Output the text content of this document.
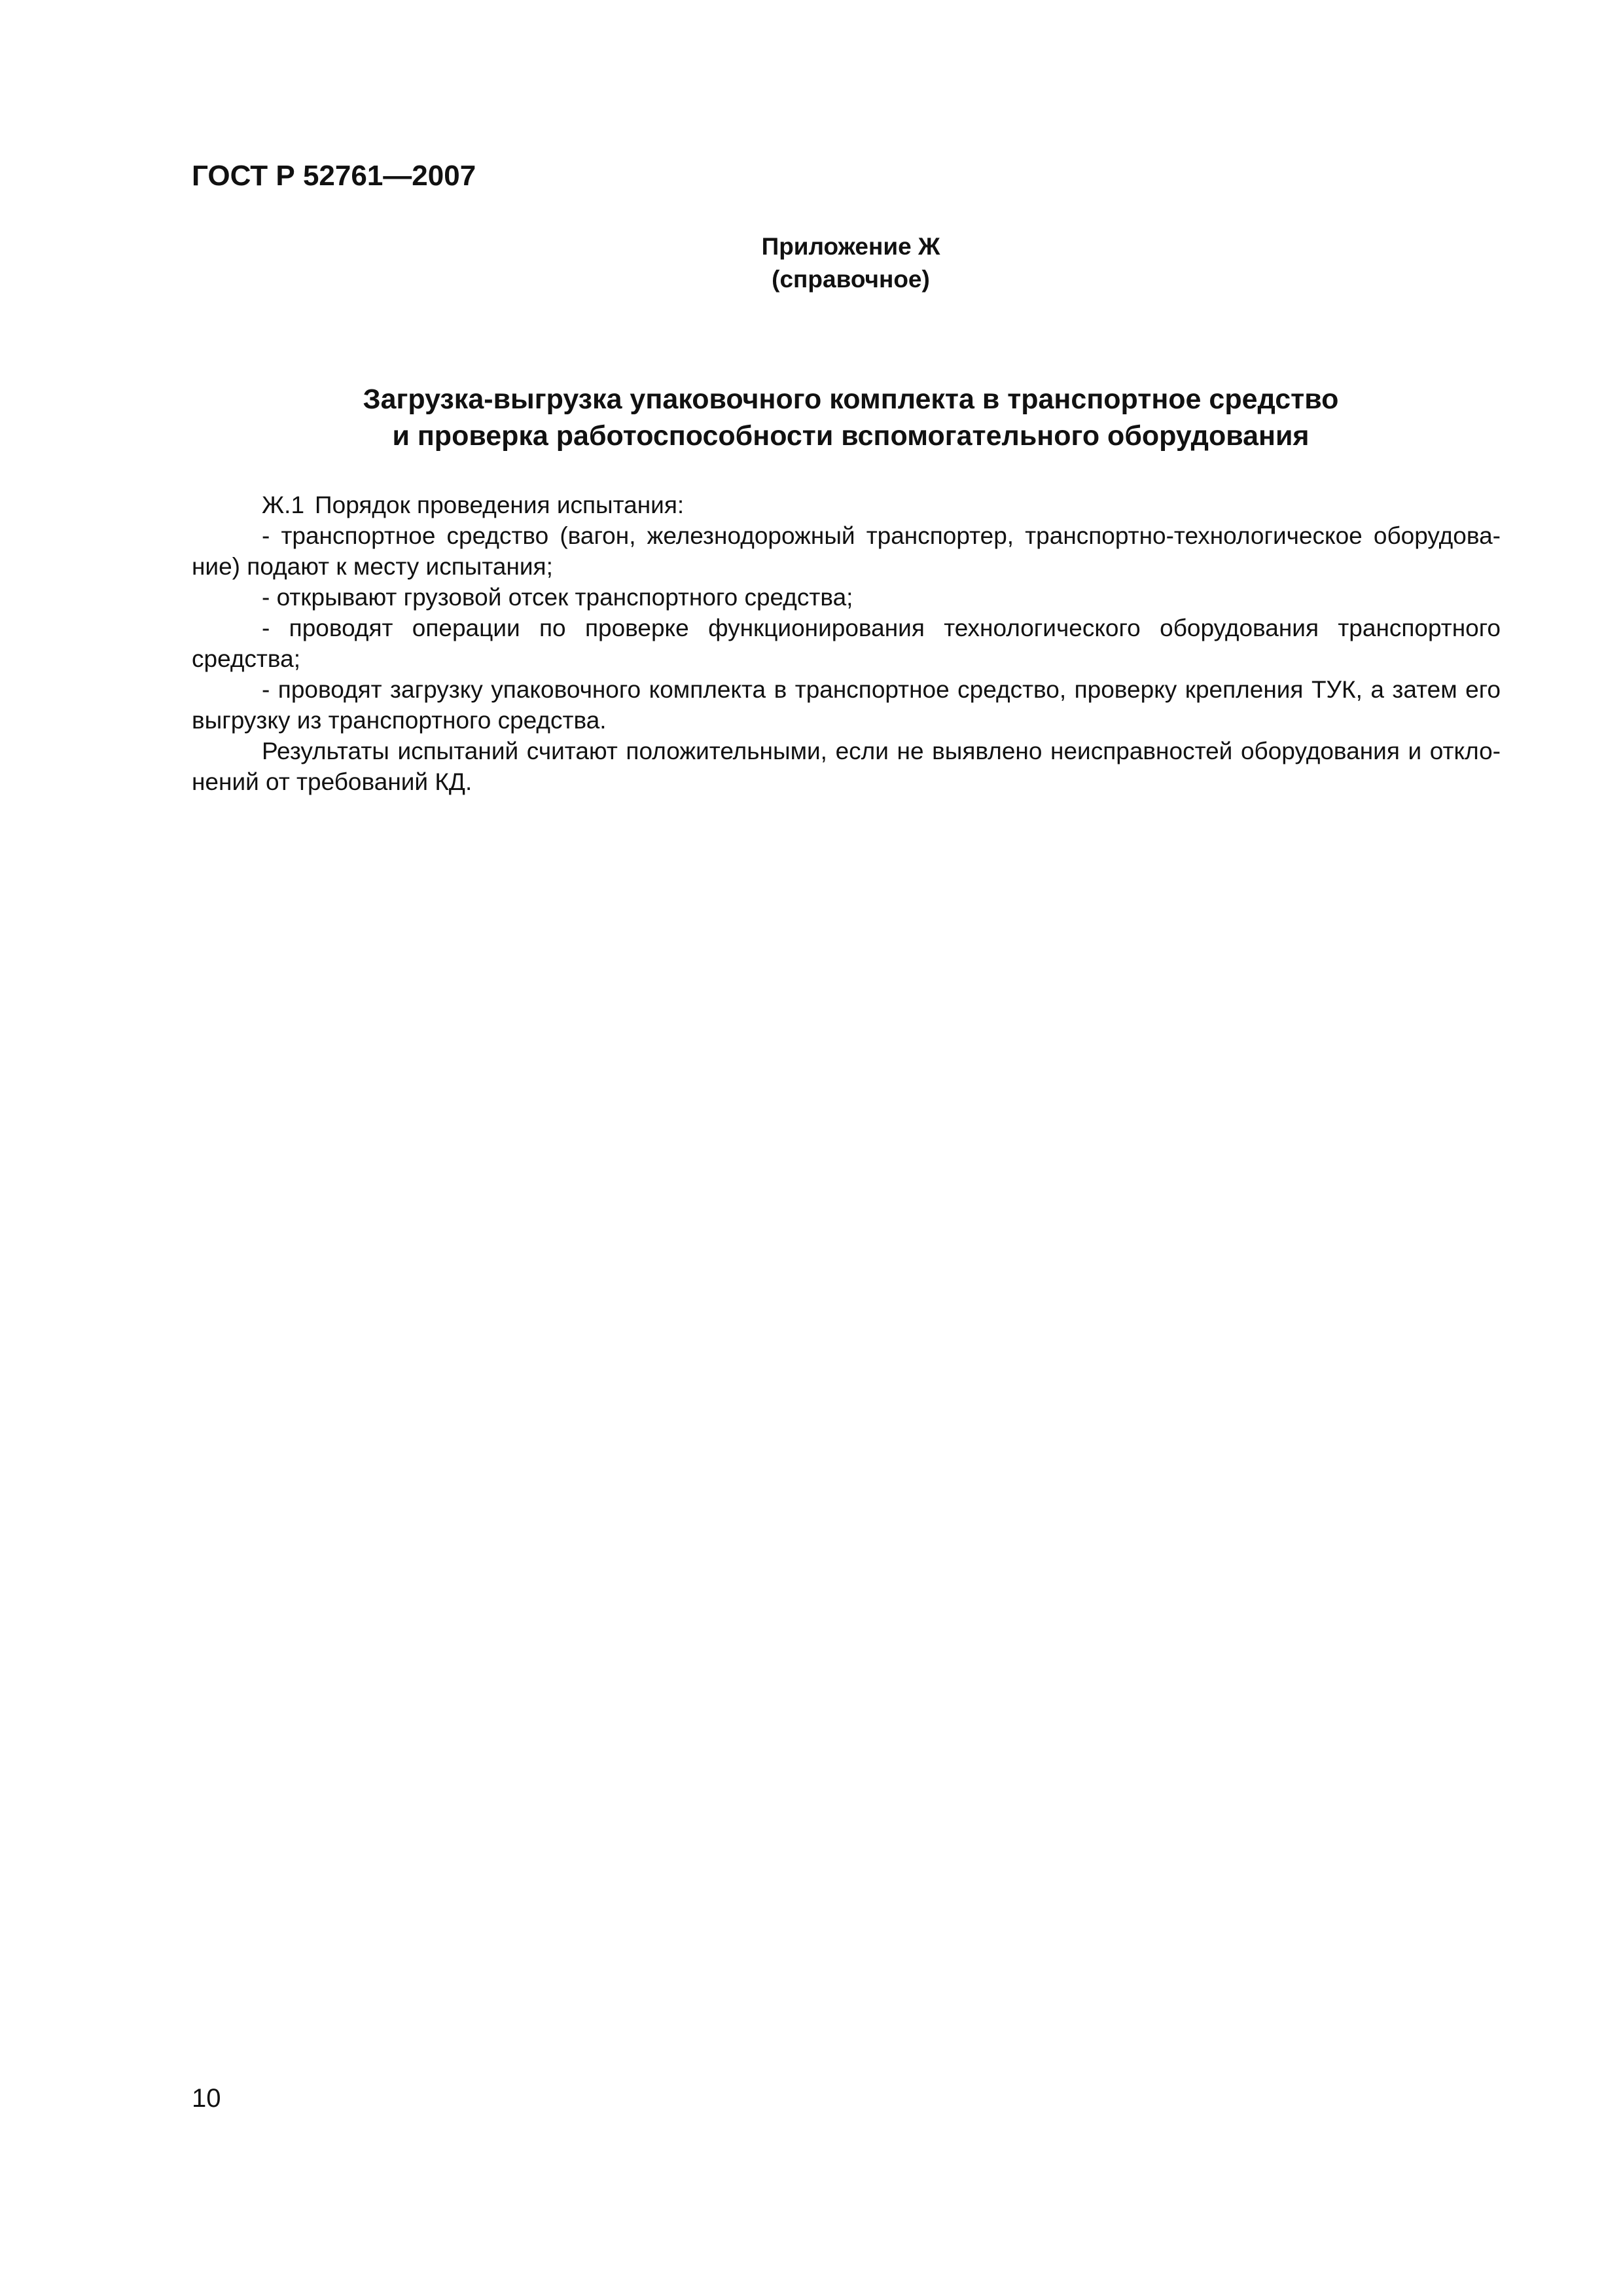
ГОСТ Р 52761—2007
Приложение Ж
(справочное)
Загрузка-выгрузка упаковочного комплекта в транспортное средство
и проверка работоспособности вспомогательного оборудования

Ж.1 Порядок проведения испытания:

- транспортное средство (вагон, железнодорожный транспортер, транспортно-технологическое оборудование) подают к месту испытания;

- открывают грузовой отсек транспортного средства;

- проводят операции по проверке функционирования технологического оборудования транспортного средства;

- проводят загрузку упаковочного комплекта в транспортное средство, проверку крепления ТУК, а затем его выгрузку из транспортного средства.

Результаты испытаний считают положительными, если не выявлено неисправностей оборудования и отклонений от требований КД.

10
